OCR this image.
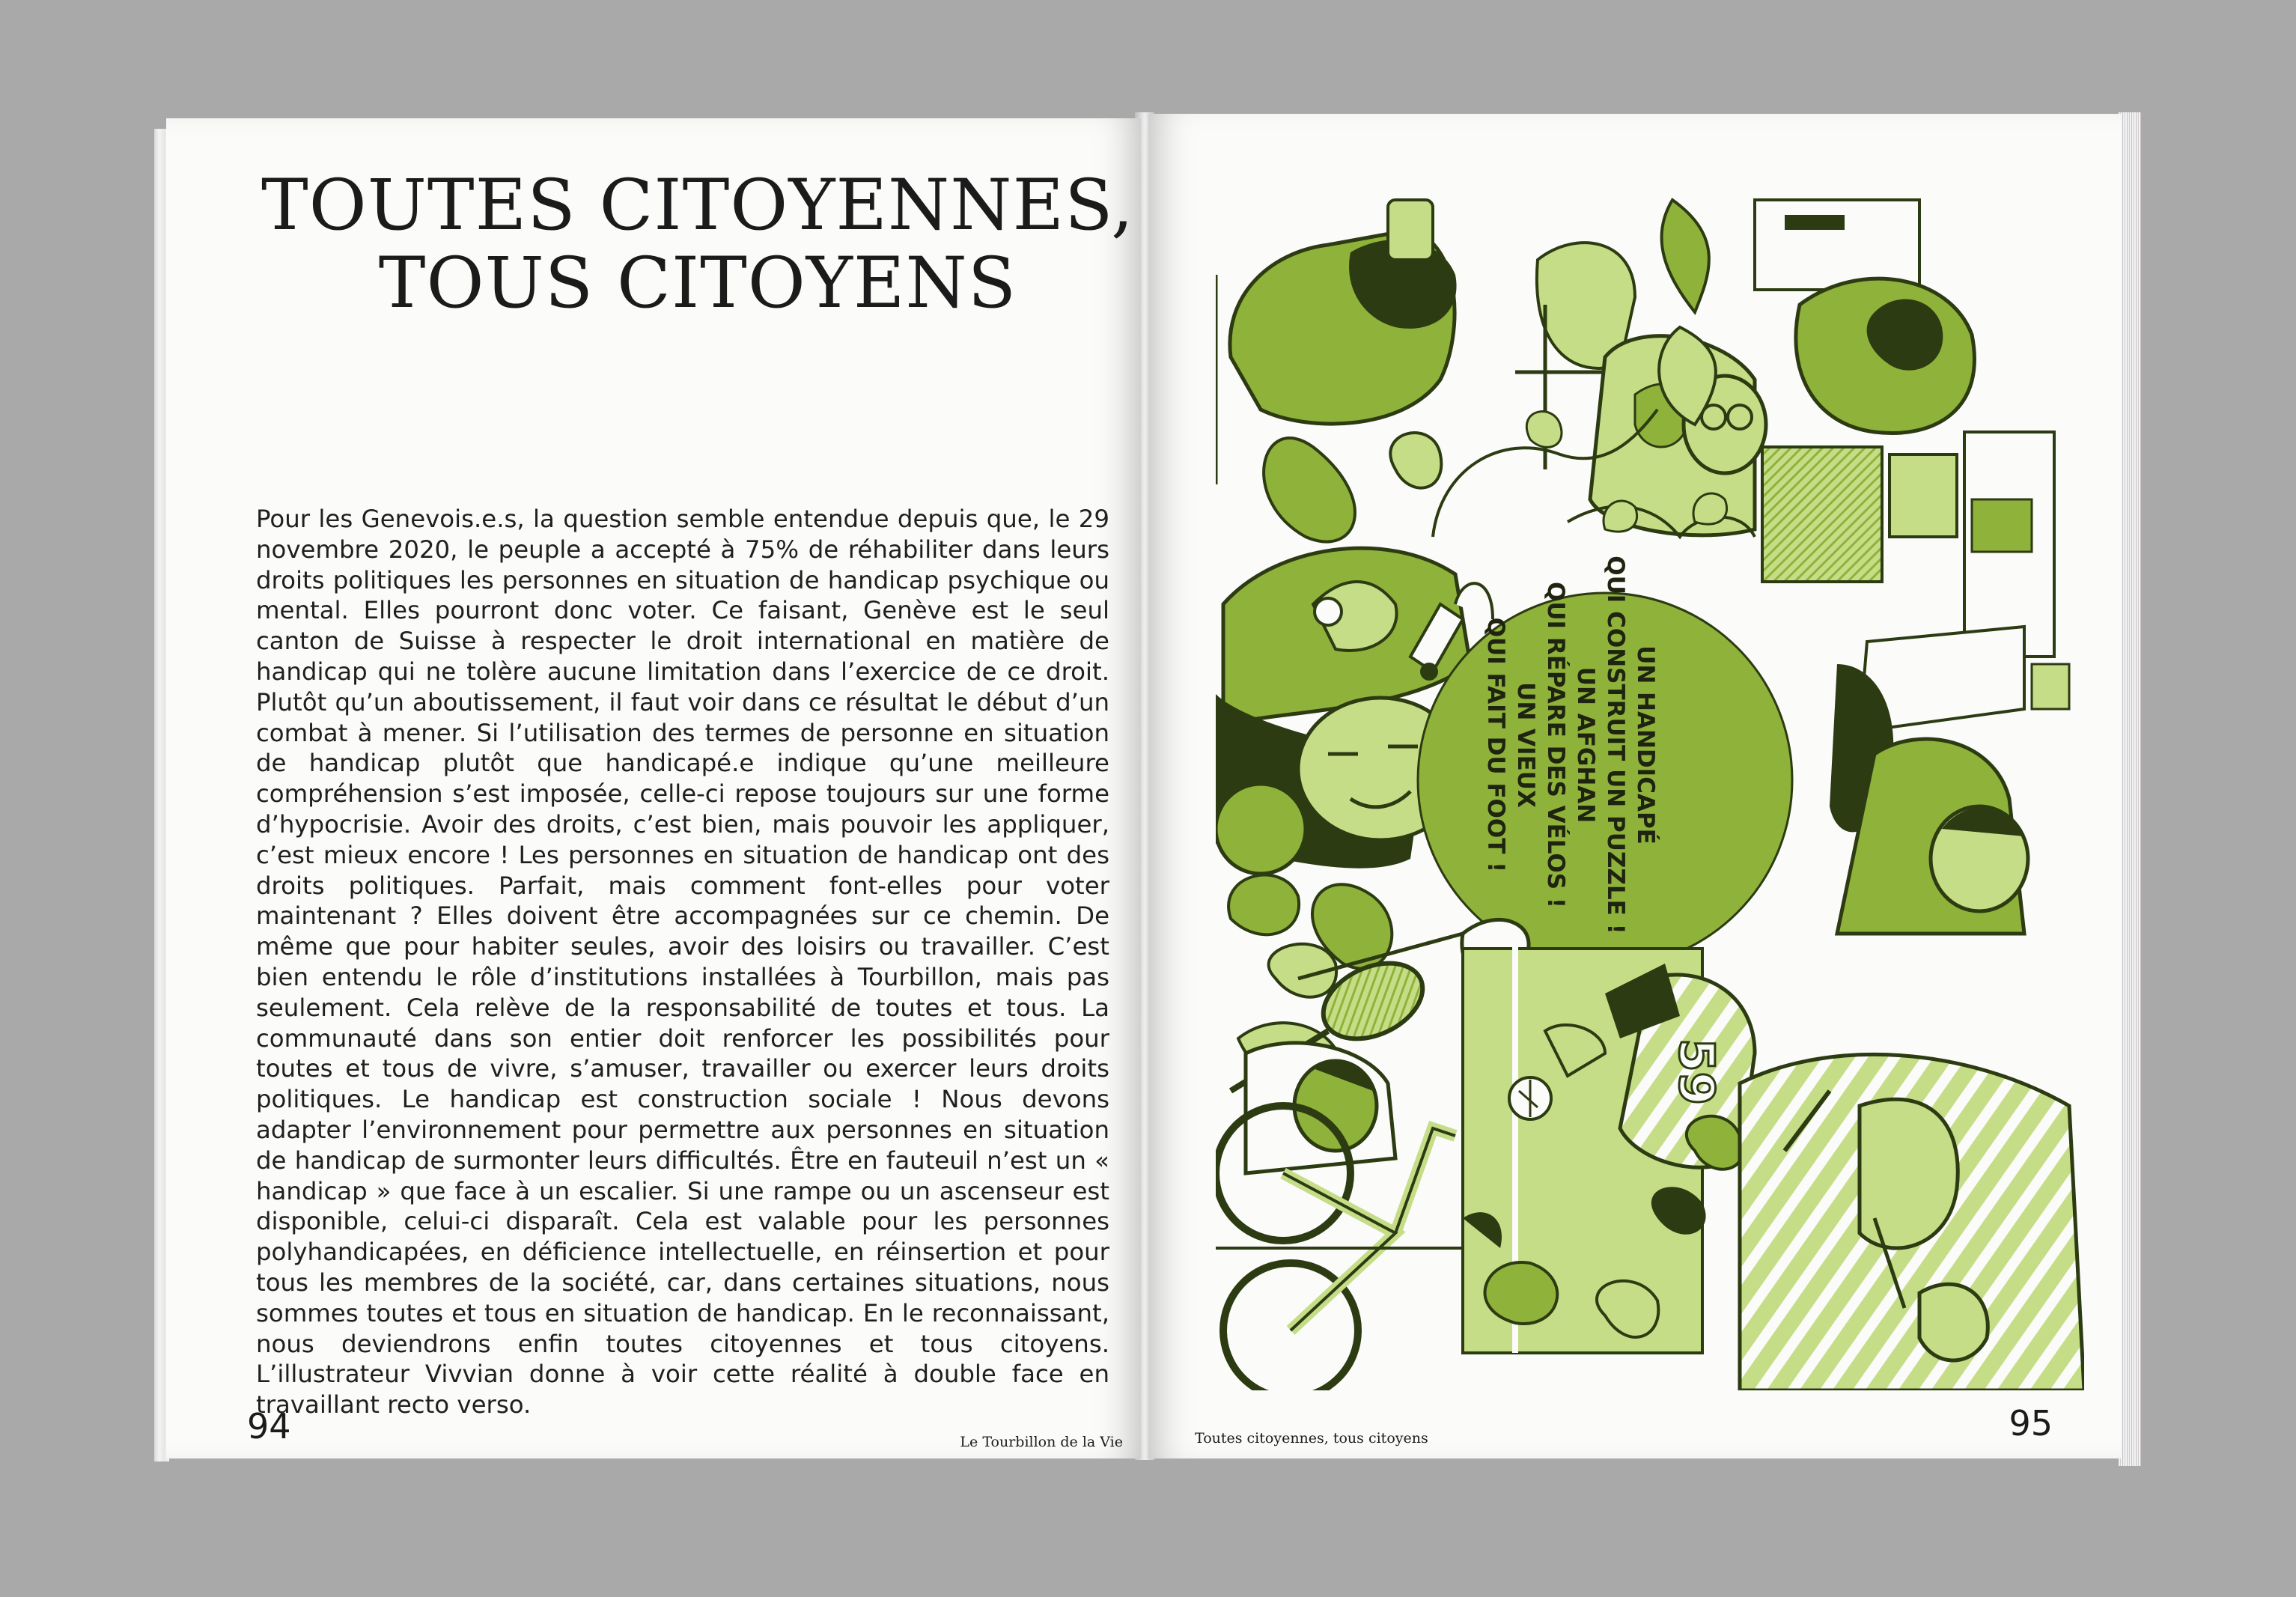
TOUTES CITOYENNES,
TOUS CITOYENS

Pour les Genevois.e.s, la question semble entendue depuis que, le 29 novembre 2020, le peuple a accepté à 75% de réhabiliter dans leurs droits politiques les personnes en situation de handicap psychique ou mental. Elles pourront donc voter. Ce faisant, Genève est le seul canton de Suisse à respecter le droit international en matière de handicap qui ne tolère aucune limitation dans l’exercice de ce droit. Plutôt qu’un aboutissement, il faut voir dans ce résultat le début d’un combat à mener. Si l’utilisation des termes de personne en situation de handicap plutôt que handicapé.e indique qu’une meilleure compréhension s’est imposée, celle-ci repose toujours sur une forme d’hypocrisie. Avoir des droits, c’est bien, mais pouvoir les appliquer, c’est mieux encore ! Les personnes en situation de handicap ont des droits politiques. Parfait, mais comment font-elles pour voter maintenant ? Elles doivent être accompagnées sur ce chemin. De même que pour habiter seules, avoir des loisirs ou travailler. C’est bien entendu le rôle d’institutions installées à Tourbillon, mais pas seulement. Cela relève de la responsabilité de toutes et tous. La communauté dans son entier doit renforcer les possibilités pour toutes et tous de vivre, s’amuser, travailler ou exercer leurs droits politiques. Le handicap est construction sociale ! Nous devons adapter l’environnement pour permettre aux personnes en situation de handicap de surmonter leurs difficultés. Être en fauteuil n’est un « handicap » que face à un escalier. Si une rampe ou un ascenseur est disponible, celui-ci disparaît. Cela est valable pour les personnes polyhandicapées, en déficience intellectuelle, en réinsertion et pour tous les membres de la société, car, dans certaines situations, nous sommes toutes et tous en situation de handicap. En le reconnaissant, nous deviendrons enfin toutes citoyennes et tous citoyens. L’illustrateur Vivvian donne à voir cette réalité à double face en travaillant recto verso.

94	Le Tourbillon de la Vie
59
95
Toutes citoyennes, tous citoyens
UN HANDICAPÉ
QUI CONSTRUIT UN PUZZLE !
UN AFGHAN
QUI RÉPARE DES VÉLOS !
UN VIEUX
QUI FAIT DU FOOT !
